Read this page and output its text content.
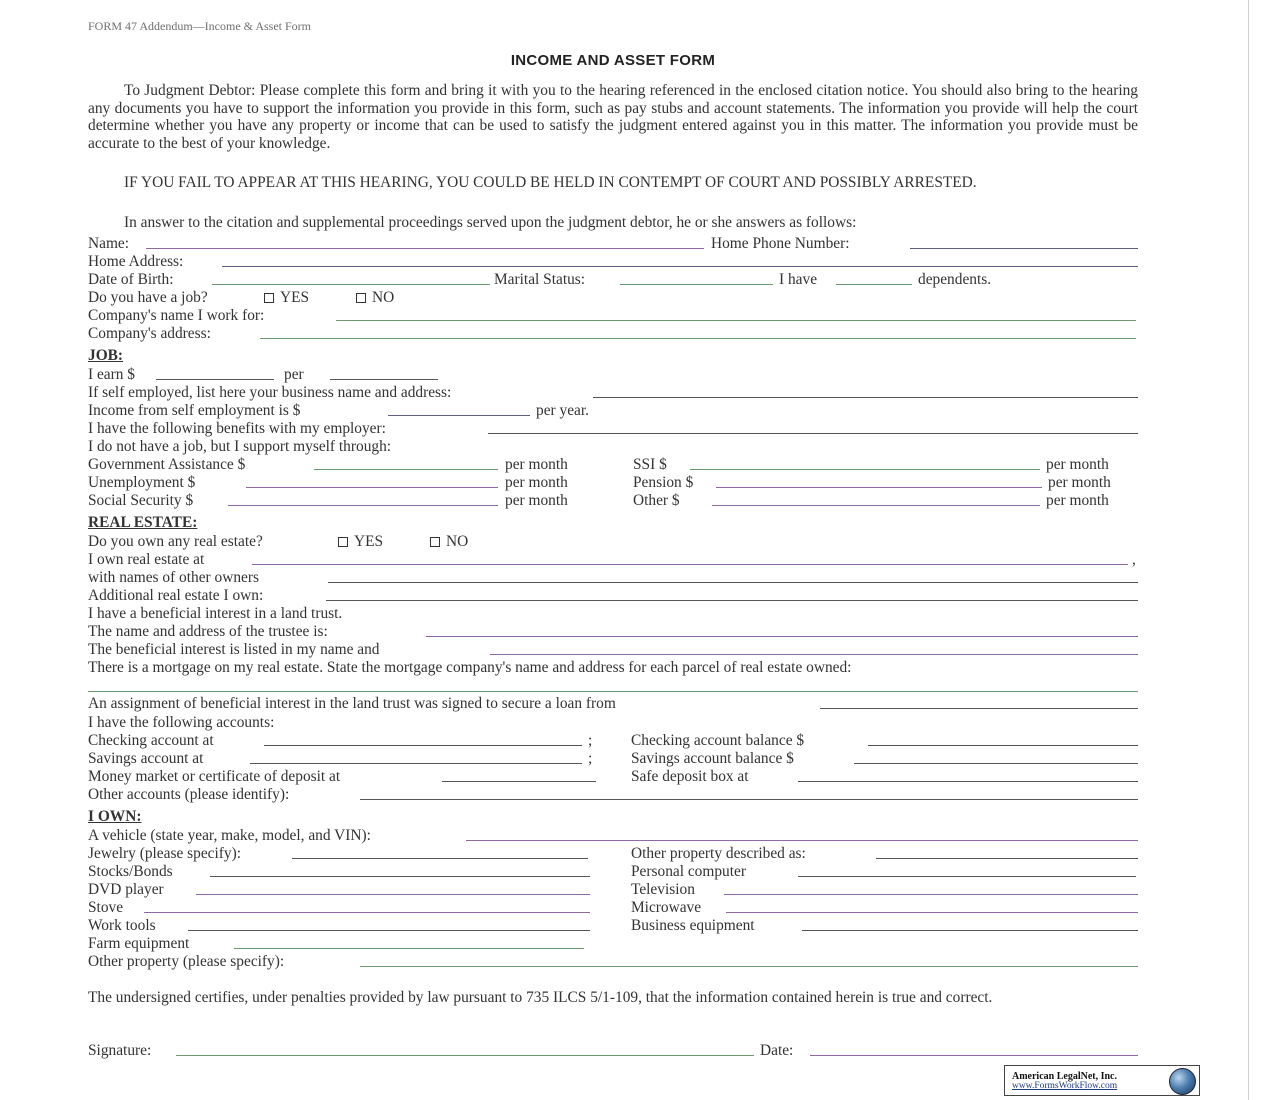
FORM 47 Addendum—Income & Asset Form
INCOME AND ASSET FORM

To Judgment Debtor: Please complete this form and bring it with you to the hearing referenced in the enclosed citation notice. You should also bring to the hearing any documents you have to support the information you provide in this form, such as pay stubs and account statements. The information you provide will help the court determine whether you have any property or income that can be used to satisfy the judgment entered against you in this matter. The information you provide must be accurate to the best of your knowledge.

IF YOU FAIL TO APPEAR AT THIS HEARING, YOU COULD BE HELD IN CONTEMPT OF COURT AND POSSIBLY ARRESTED.

In answer to the citation and supplemental proceedings served upon the judgment debtor, he or she answers as follows:

Name:	Home Phone Number:
Home Address:
Date of Birth:	Marital Status:	I have	dependents.
Do you have a job?	YES	NO
Company's name I work for:
Company's address:
JOB:
I earn $	per
If self employed, list here your business name and address:
Income from self employment is $	per year.
I have the following benefits with my employer:
I do not have a job, but I support myself through:
Government Assistance $	per month	SSI $	per month
Unemployment $	per month	Pension $	per month
Social Security $	per month	Other $	per month
REAL ESTATE:
Do you own any real estate?	YES	NO
I own real estate at	,
with names of other owners
Additional real estate I own:
I have a beneficial interest in a land trust.
The name and address of the trustee is:
The beneficial interest is listed in my name and
There is a mortgage on my real estate. State the mortgage company's name and address for each parcel of real estate owned:
An assignment of beneficial interest in the land trust was signed to secure a loan from
I have the following accounts:
Checking account at	;	Checking account balance $
Savings account at	;	Savings account balance $
Money market or certificate of deposit at	Safe deposit box at
Other accounts (please identify):
I OWN:
A vehicle (state year, make, model, and VIN):
Jewelry (please specify):	Other property described as:
Stocks/Bonds	Personal computer
DVD player	Television
Stove	Microwave
Work tools	Business equipment
Farm equipment
Other property (please specify):

The undersigned certifies, under penalties provided by law pursuant to 735 ILCS 5/1-109, that the information contained herein is true and correct.

Signature:	Date:
American LegalNet, Inc.
www.FormsWorkFlow.com
